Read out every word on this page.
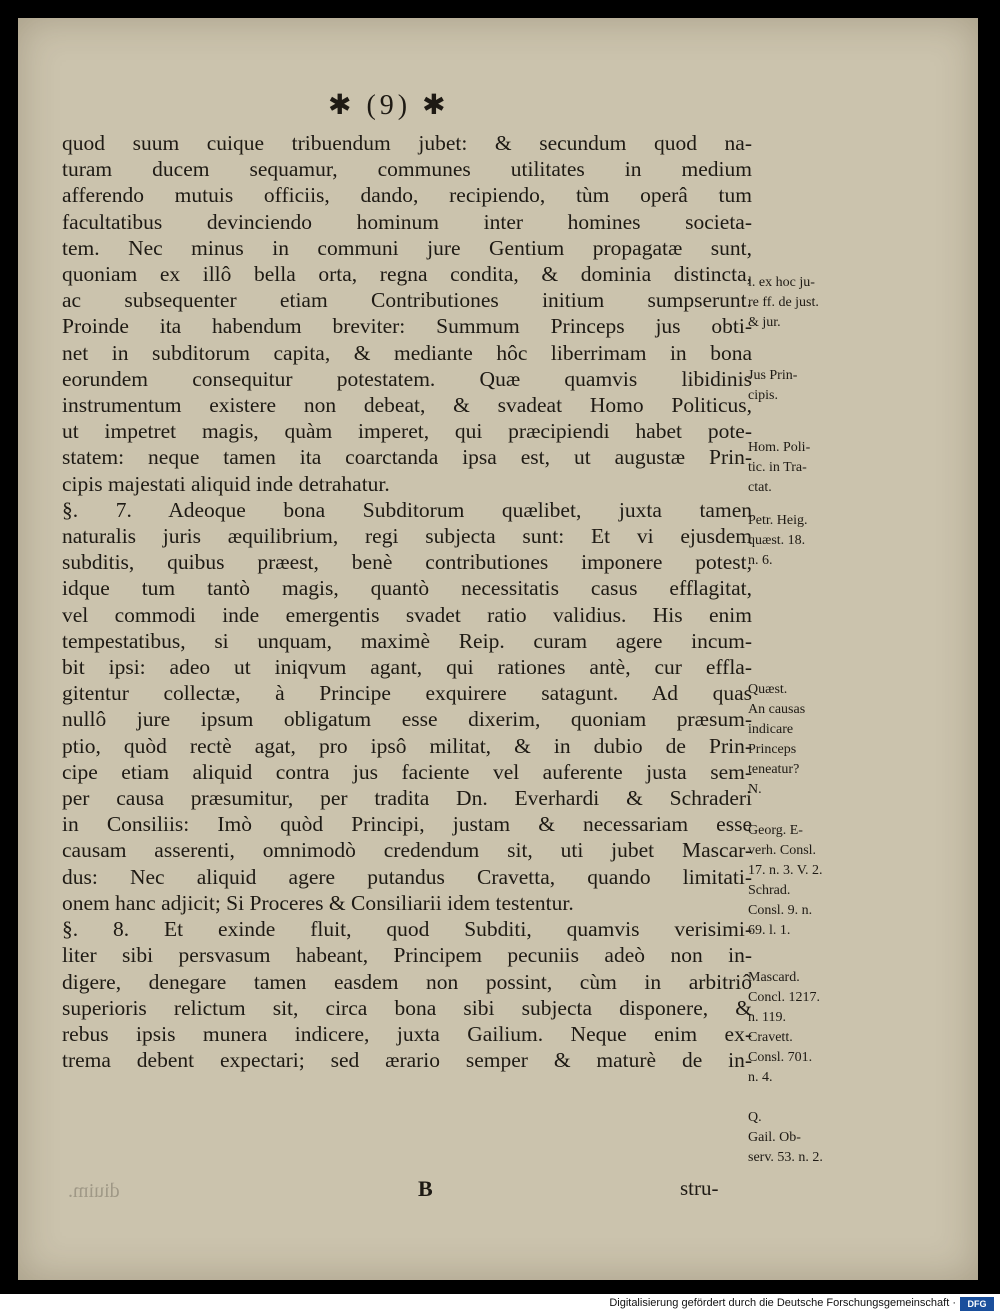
✱ (9) ✱
quod suum cuique tribuendum jubet: & secundum quod na-
turam ducem sequamur, communes utilitates in medium
afferendo mutuis officiis, dando, recipiendo, tùm operâ tum
facultatibus devinciendo hominum inter homines societa-
tem. Nec minus in communi jure Gentium propagatæ sunt,
quoniam ex illô bella orta, regna condita, & dominia distincta,
ac subsequenter etiam Contributiones initium sumpserunt.
Proinde ita habendum breviter: Summum Princeps jus obti-
net in subditorum capita, & mediante hôc liberrimam in bona
eorundem consequitur potestatem. Quæ quamvis libidinis
instrumentum existere non debeat, & svadeat Homo Politicus,
ut impetret magis, quàm imperet, qui præcipiendi habet pote-
statem: neque tamen ita coarctanda ipsa est, ut augustæ Prin-
cipis majestati aliquid inde detrahatur.
§. 7. Adeoque bona Subditorum quælibet, juxta tamen
naturalis juris æquilibrium, regi subjecta sunt: Et vi ejusdem
subditis, quibus præest, benè contributiones imponere potest,
idque tum tantò magis, quantò necessitatis casus efflagitat,
vel commodi inde emergentis svadet ratio validius. His enim
tempestatibus, si unquam, maximè Reip. curam agere incum-
bit ipsi: adeo ut iniqvum agant, qui rationes antè, cur effla-
gitentur collectæ, à Principe exquirere satagunt. Ad quas
nullô jure ipsum obligatum esse dixerim, quoniam præsum-
ptio, quòd rectè agat, pro ipsô militat, & in dubio de Prin-
cipe etiam aliquid contra jus faciente vel auferente justa sem-
per causa præsumitur, per tradita Dn. Everhardi & Schraderi
in Consiliis: Imò quòd Principi, justam & necessariam esse
causam asserenti, omnimodò credendum sit, uti jubet Mascar-
dus: Nec aliquid agere putandus Cravetta, quando limitati-
onem hanc adjicit; Si Proceres & Consiliarii idem testentur.
§. 8. Et exinde fluit, quod Subditi, quamvis verisimi-
liter sibi persvasum habeant, Principem pecuniis adeò non in-
digere, denegare tamen easdem non possint, cùm in arbitriô
superioris relictum sit, circa bona sibi subjecta disponere, &
rebus ipsis munera indicere, juxta Gailium. Neque enim ex-
trema debent expectari; sed ærario semper & maturè de in-
l. ex hoc ju-
re ff. de just.
& jur.
Jus Prin-
cipis.
Hom. Poli-
tic. in Tra-
ctat.
Petr. Heig.
quæst. 18.
n. 6.
Quæst.
An causas
indicare
Princeps
teneatur?
N.
Georg. E-
verh. Consl.
17. n. 3. V. 2.
Schrad.
Consl. 9. n.
69. l. 1.
Mascard.
Concl. 1217.
n. 119.
Cravett.
Consl. 701.
n. 4.
Q.
Gail. Ob-
serv. 53. n. 2.
diuim.	B	stru-
Digitalisierung gefördert durch die Deutsche Forschungsgemeinschaft ·	DFG
